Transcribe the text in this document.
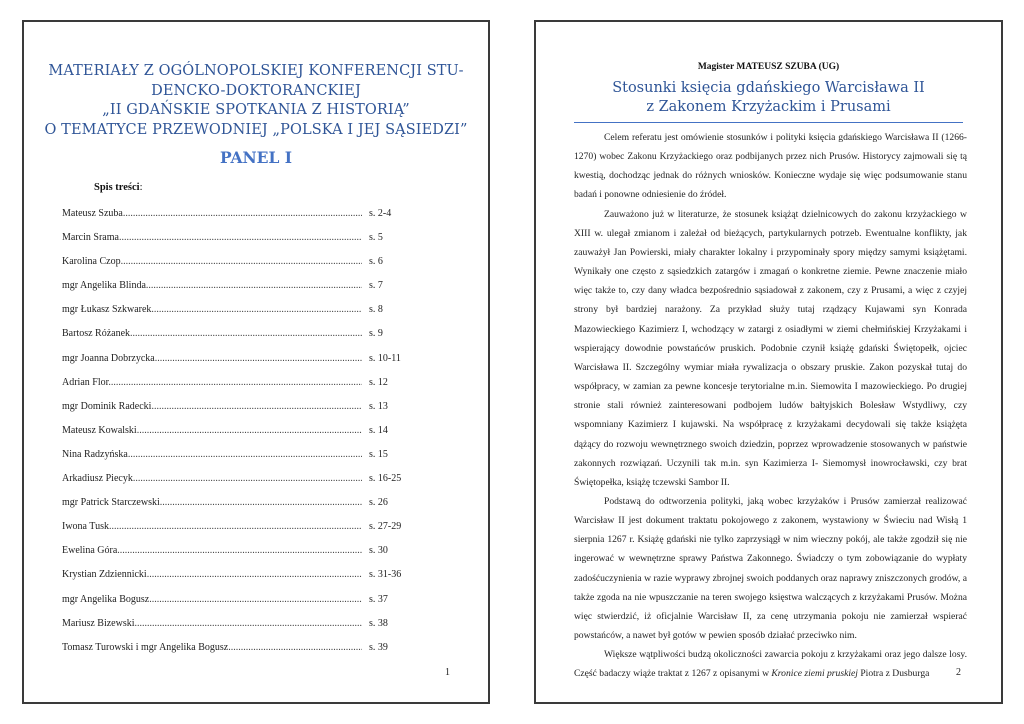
MATERIAŁY Z OGÓLNOPOLSKIEJ KONFERENCJI STU-
DENCKO-DOKTORANCKIEJ
„II GDAŃSKIE SPOTKANIA Z HISTORIĄ”
O TEMATYCE PRZEWODNIEJ „POLSKA I JEJ SĄSIEDZI”
PANEL I
Spis treści:
Mateusz Szuba .....	s. 2-4
Marcin Śrama .....	s. 5
Karolina Czop .....	s. 6
mgr Angelika Blinda .....	s. 7
mgr Łukasz Szkwarek .....	s. 8
Bartosz Różanek .....	s. 9
mgr Joanna Dobrzycka .....	s. 10-11
Adrian Flor .....	s. 12
mgr Dominik Radecki .....	s. 13
Mateusz Kowalski .....	s. 14
Nina Radzyńska .....	s. 15
Arkadiusz Piecyk .....	s. 16-25
mgr Patrick Starczewski .....	s. 26
Iwona Tusk .....	s. 27-29
Ewelina Góra .....	s. 30
Krystian Zdziennicki .....	s. 31-36
mgr Angelika Bogusz .....	s. 37
Mariusz Bizewski .....	s. 38
Tomasz Turowski i mgr Angelika Bogusz .....	s. 39
1
Magister MATEUSZ SZUBA (UG)
Stosunki księcia gdańskiego Warcisława II
z Zakonem Krzyżackim i Prusami

Celem referatu jest omówienie stosunków i polityki księcia gdańskiego Warcisława II (1266-1270) wobec Zakonu Krzyżackiego oraz podbijanych przez nich Prusów. Historycy zajmowali się tą kwestią, dochodząc jednak do różnych wniosków. Konieczne wydaje się więc podsumowanie stanu badań i ponowne odniesienie do źródeł.

Zauważono już w literaturze, że stosunek książąt dzielnicowych do zakonu krzyżackiego w XIII w. ulegał zmianom i zależał od bieżących, partykularnych potrzeb. Ewentualne konflikty, jak zauważył Jan Powierski, miały charakter lokalny i przypominały spory między samymi książętami. Wynikały one często z sąsiedzkich zatargów i zmagań o konkretne ziemie. Pewne znaczenie miało więc także to, czy dany władca bezpośrednio sąsiadował z zakonem, czy z Prusami, a więc z czyjej strony był bardziej narażony. Za przykład służy tutaj rządzący Kujawami syn Konrada Mazowieckiego Kazimierz I, wchodzący w zatargi z osiadłymi w ziemi chełmińskiej Krzyżakami i wspierający dowodnie powstańców pruskich. Podobnie czynił książę gdański Świętopełk, ojciec Warcisława II. Szczególny wymiar miała rywalizacja o obszary pruskie. Zakon pozyskał tutaj do współpracy, w zamian za pewne koncesje terytorialne m.in. Siemowita I mazowieckiego. Po drugiej stronie stali również zainteresowani podbojem ludów bałtyjskich Bolesław Wstydliwy, czy wspomniany Kazimierz I kujawski. Na współpracę z krzyżakami decydowali się także książęta dążący do rozwoju wewnętrznego swoich dziedzin, poprzez wprowadzenie stosowanych w państwie zakonnych rozwiązań. Uczynili tak m.in. syn Kazimierza I- Siemomysł inowrocławski, czy brat Świętopełka, książę tczewski Sambor II.

Podstawą do odtworzenia polityki, jaką wobec krzyżaków i Prusów zamierzał realizować Warcisław II jest dokument traktatu pokojowego z zakonem, wystawiony w Świeciu nad Wisłą 1 sierpnia 1267 r. Książę gdański nie tylko zaprzysiągł w nim wieczny pokój, ale także zgodził się nie ingerować w wewnętrzne sprawy Państwa Zakonnego. Świadczy o tym zobowiązanie do wypłaty zadośćuczynienia w razie wyprawy zbrojnej swoich poddanych oraz naprawy zniszczonych grodów, a także zgoda na nie wpuszczanie na teren swojego księstwa walczących z krzyżakami Prusów. Można więc stwierdzić, iż oficjalnie Warcisław II, za cenę utrzymania pokoju nie zamierzał wspierać powstańców, a nawet był gotów w pewien sposób działać przeciwko nim.

Większe wątpliwości budzą okoliczności zawarcia pokoju z krzyżakami oraz jego dalsze losy. Część badaczy wiąże traktat z 1267 z opisanymi w Kronice ziemi pruskiej Piotra z Dusburga	2
